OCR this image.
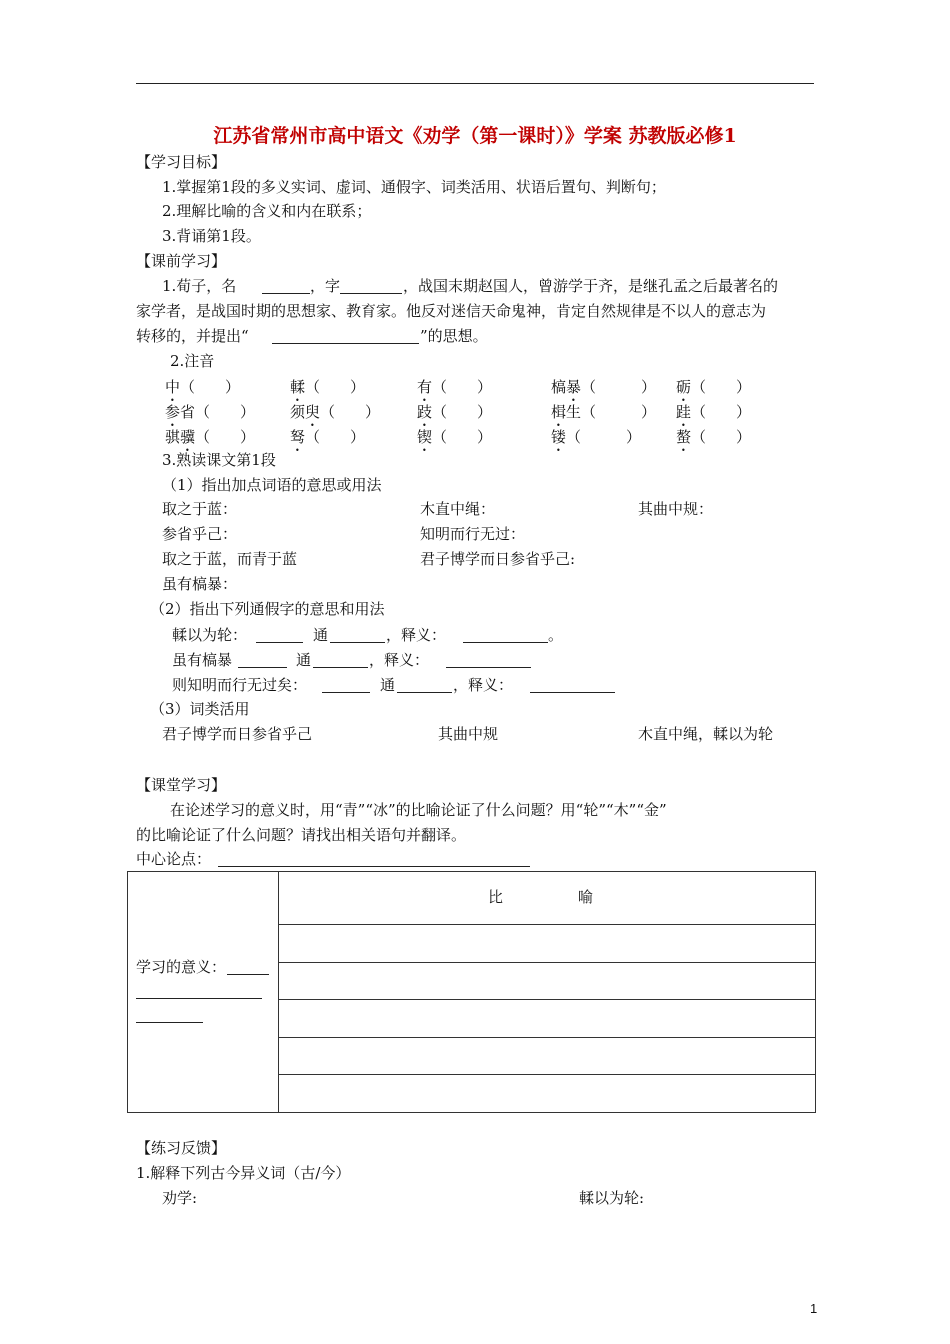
江苏省常州市高中语文《劝学（第一课时）》学案 苏教版必修1
【学习目标】
1.掌握第1段的多义实词、虚词、通假字、词类活用、状语后置句、判断句；
2.理解比喻的含义和内在联系；
3.背诵第1段。
【课前学习】
1.荀子，名	，字	，战国末期赵国人，曾游学于齐，是继孔孟之后最著名的
家学者，是战国时期的思想家、教育家。他反对迷信天命鬼神，肯定自然规律是不以人的意志为
转移的，并提出“	”的思想。
2.注音
中（　　）	輮（　　）	有（　　）	槁暴（　　　） 砺（　　）
参省（　　） 须臾（　　） 跂（　　）	楫生（　　　） 跬（　　）
骐骥（　　） 驽（　　）	锲（　　）	镂（　　　） 螯（　　）
3.熟读课文第1段
（1）指出加点词语的意思或用法
取之于蓝：	木直中绳：	其曲中规：
参省乎己：	知明而行无过：
取之于蓝，而青于蓝	君子博学而日参省乎己:
虽有槁暴：
（2）指出下列通假字的意思和用法
輮以为轮：	通	，释义：	。
虽有槁暴	通	，释义：
则知明而行无过矣：	通	，释义：
（3）词类活用
君子博学而日参省乎己	其曲中规	木直中绳，輮以为轮
【课堂学习】
在论述学习的意义时，用“青”“冰”的比喻论证了什么问题？用“轮”“木”“金”
的比喻论证了什么问题？请找出相关语句并翻译。
中心论点：
比　　　　　喻
学习的意义：
【练习反馈】
1.解释下列古今异义词（古/今）
劝学:	輮以为轮:
1
